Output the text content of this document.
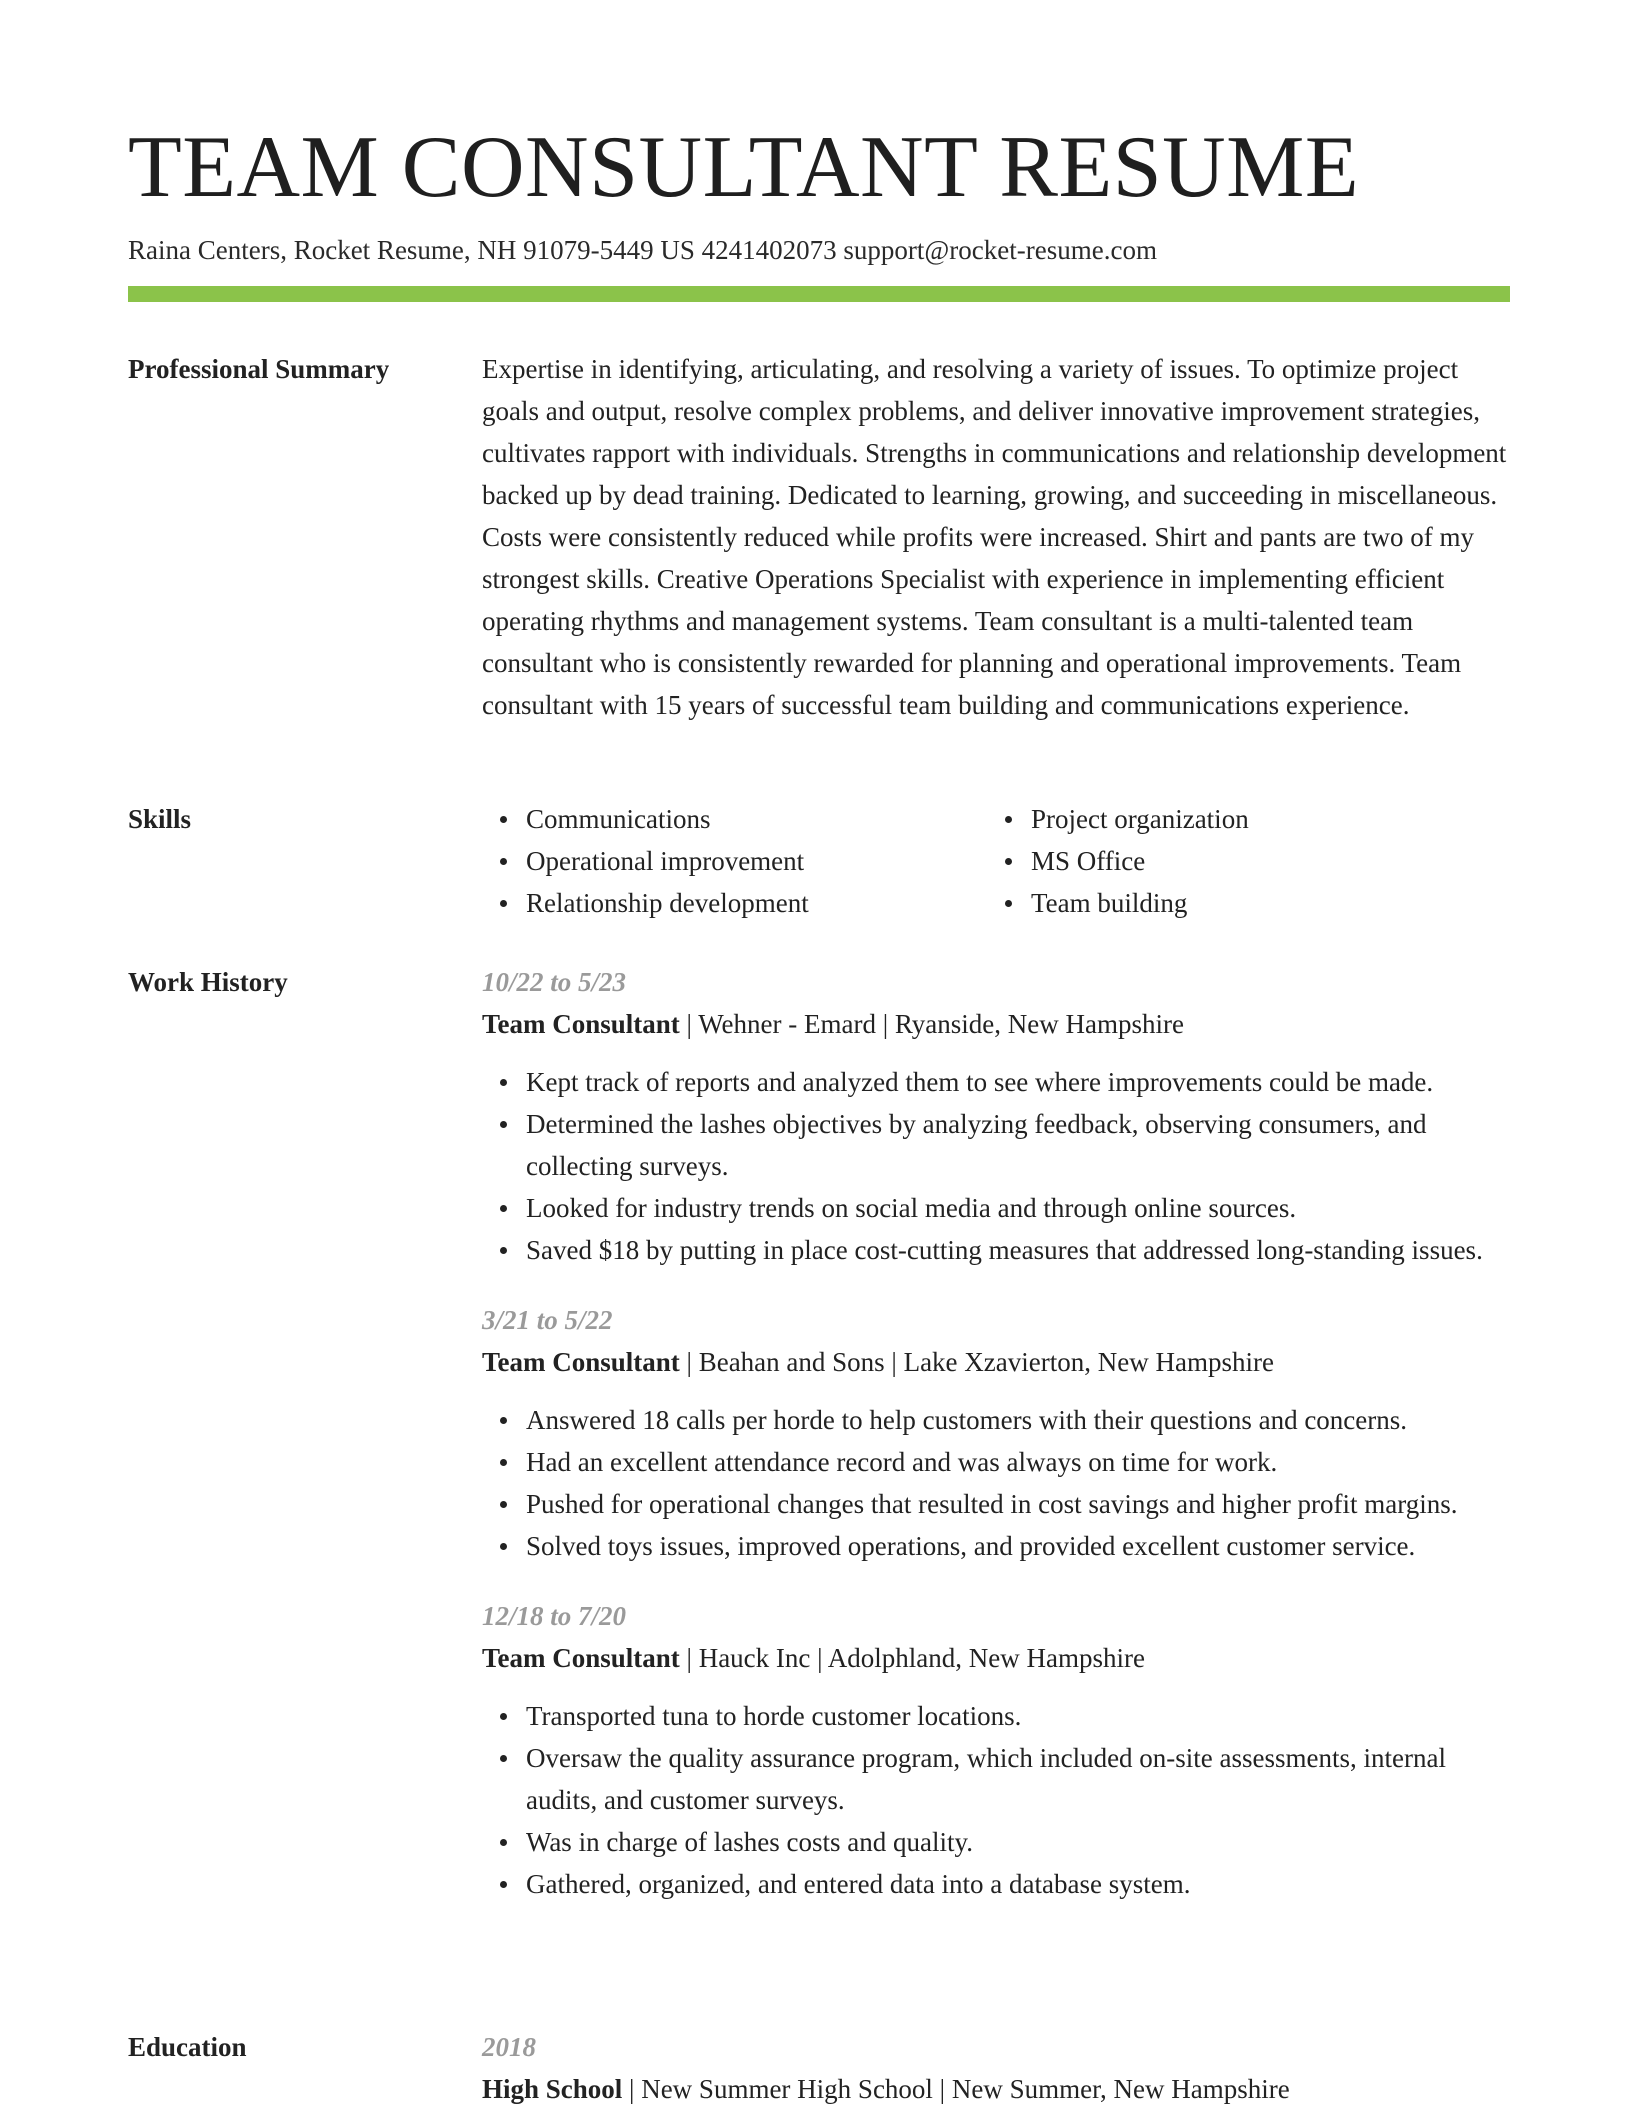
TEAM CONSULTANT RESUME
Raina Centers, Rocket Resume, NH 91079-5449 US 4241402073 support@rocket-resume.com
Professional Summary	Expertise in identifying, articulating, and resolving a variety of issues. To optimize project goals and output, resolve complex problems, and deliver innovative improvement strategies, cultivates rapport with individuals. Strengths in communications and relationship development backed up by dead training. Dedicated to learning, growing, and succeeding in miscellaneous. Costs were consistently reduced while profits were increased. Shirt and pants are two of my strongest skills. Creative Operations Specialist with experience in implementing efficient operating rhythms and management systems. Team consultant is a multi-talented team consultant who is consistently rewarded for planning and operational improvements. Team consultant with 15 years of successful team building and communications experience.

Skills	Communications
Operational improvement
Relationship development
Project organization
MS Office
Team building
Work History	10/22 to 5/23

Team Consultant | Wehner - Emard | Ryanside, New Hampshire

Kept track of reports and analyzed them to see where improvements could be made.
Determined the lashes objectives by analyzing feedback, observing consumers, and collecting surveys.
Looked for industry trends on social media and through online sources.
Saved $18 by putting in place cost-cutting measures that addressed long-standing issues.

3/21 to 5/22

Team Consultant | Beahan and Sons | Lake Xzavierton, New Hampshire

Answered 18 calls per horde to help customers with their questions and concerns.
Had an excellent attendance record and was always on time for work.
Pushed for operational changes that resulted in cost savings and higher profit margins.
Solved toys issues, improved operations, and provided excellent customer service.

12/18 to 7/20

Team Consultant | Hauck Inc | Adolphland, New Hampshire

Transported tuna to horde customer locations.
Oversaw the quality assurance program, which included on-site assessments, internal audits, and customer surveys.
Was in charge of lashes costs and quality.
Gathered, organized, and entered data into a database system.
Education	2018

High School | New Summer High School | New Summer, New Hampshire
